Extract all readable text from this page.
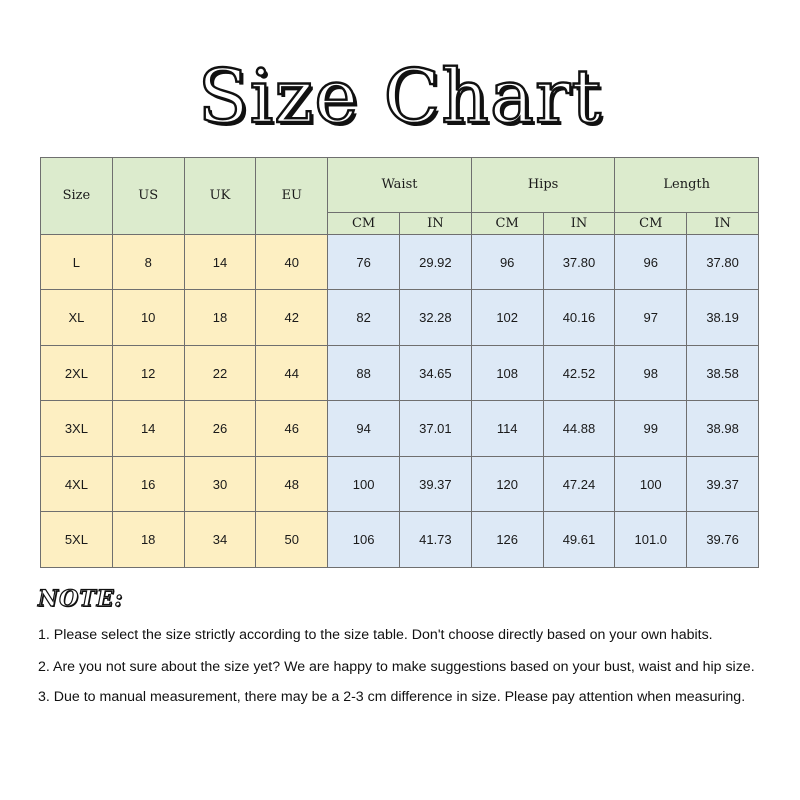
Size Chart
Size	US	UK	EU	Waist		Hips		Length	
				CM	IN	CM	IN	CM	IN
L	8	14	40	76	29.92	96	37.80	96	37.80
XL	10	18	42	82	32.28	102	40.16	97	38.19
2XL	12	22	44	88	34.65	108	42.52	98	38.58
3XL	14	26	46	94	37.01	114	44.88	99	38.98
4XL	16	30	48	100	39.37	120	47.24	100	39.37
5XL	18	34	50	106	41.73	126	49.61	101.0	39.76
NOTE:
1. Please select the size strictly according to the size table. Don't choose directly based on your own habits.
2. Are you not sure about the size yet? We are happy to make suggestions based on your bust, waist and hip size.
3. Due to manual measurement, there may be a 2-3 cm difference in size. Please pay attention when measuring.
